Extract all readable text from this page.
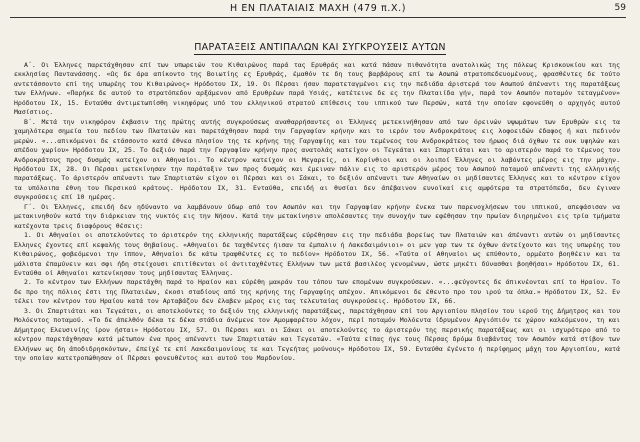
Η ΕΝ ΠΛΑΤΑΙΑΙΣ ΜΑΧΗ (479 π.Χ.)	59
ΠΑΡΑΤΑΞΕΙΣ ΑΝΤΙΠΑΛΩΝ ΚΑΙ ΣΥΓΚΡΟΥΣΕΙΣ ΑΥΤΩΝ

Α΄. Οι Έλληνες παρετάχθησαν επί των υπωρειών του Κιθαιρώνος παρά τας Ερυθράς και κατά πάσαν πιθανότητα ανατολικώς της πόλεως Κρισκουκίου και της εκκλησίας Παντανάσσης. «Ως δε άρα απίκοντο της Βοιωτίης ες Ερυθράς, έμαθόν τε δη τους βαρβάρους επί τω Ασωπώ στρατοπεδευομένους, φρασθέντες δε τούτο αντετάσσοντο επί της υπωρέης του Κιθαιρώνος» Ηρόδοτου IX, 19. Οι Πέρσαι ήσαν παρατεταγμένοι εις την πεδιάδα άριστερά του Ασωπού άπέναντι της παρατάξεως των Ελλήνων. «Παρήκε δε αυτού το στρατόπεδον αρξάμενον από Ερυθρέων παρά Υσιάς, κατέτεινε δε ες την Πλαταιίδα γήν, παρά τον Ασωπόν ποταμόν τεταγμένον» Ηρόδοτου IX, 15. Ενταύθα άντιμετωπίσθη νικηφόρως υπό του ελληνικού στρατού επίθεσις του ιππικού των Περσών, κατά την οποίαν εφονεύθη ο αρχηγός αυτού Μασίστιος.

Β΄. Μετά την νικηφόρον έκβασιν της πρώτης αυτής συγκρούσεως αναθαρρήσαντες οι Έλληνες μετεκινήθησαν από των όρεινών υψωμάτων των Ερυθρών εις τα χαμηλότερα σημεία του πεδίου των Πλαταιών και παρετάχθησαν παρά την Γαργαφίαν κρήνην και το ιερόν του Ανδροκράτους εις λοφοειδών έδαφος ή και πεδινόν μερών. «...απικόμενοι δε ετάσσοντο κατά έθνεα πλησίον της τε κρήνης της Γαργαφίης και του τεμένεος του Ανδροκράτεος του ήρωος διά όχθων τε ουκ υψηλών και απέδου χωρίου» Ηρόδοτου IX, 25. Το δεξιόν παρά την Γαργαφίαν κρήνην προς ανατολάς κατείχον οι Τεγεάται και Σπαρτιάται και το αριστερόν παρά το τέμενος του Ανδροκράτους προς δυσμάς κατείχον οι Αθηναίοι. Το κέντρον κατείχον οι Μεγαρείς, οι Κορίνθιοι και οι λοιποί Έλληνες οι λαβόντες μέρος εις την μάχην. Ηρόδοτου IX, 28. Οι Πέρσαι μετεκίνησαν την παράταξιν των προς δυσμάς και έμειναν πάλιν εις το αριστερόν μέρος του Ασωπού ποταμού απέναντι της ελληνικής παρατάξεως. Το άριστερόν απέναντι των Σπαρτιατών είχον οι Πέρσαι και οι Σάκαι, το δεξιόν απέναντι των Αθηναίων οι μηδίσαντες Έλληνες και το κέντρον είχον τα υπόλοιπα έθνη του Περσικού κράτους. Ηρόδοτου IX, 31. Ενταύθα, επειδή αι θυσίαι δεν άπέβαινον ευνοϊκαί εις αμφότερα τα στρατόπεδα, δεν έγιναν συγκρούσεις επί 10 ημέρας.

Γ΄. Οι Έλληνες, επειδή δεν ηδύναντο να λαμβάνουν ύδωρ από τον Ασωπόν και την Γαργαφίαν κρήνην ένεκα των παρενοχλήσεων του ιππικού, απεφάσισαν να μετακινηθούν κατά την διάρκειαν της νυκτός εις την Νήσον. Κατά την μετακίνησιν απολέσαντες την συνοχήν των εφέθησαν την πρωίαν διηρημένοι εις τρία τμήματα κατέχοντα τρεις διαφόρους θέσεις:

1. Οι Αθηναίοι οι αποτελούντες το άριστερόν της ελληνικής παρατάξεως εύρέθησαν εις την πεδιάδα βορείως των Πλαταιών και άπέναντι αυτών οι μηδίσαντες Έλληνες έχοντες επί κεφαλής τους Θηβαίους. «Αθηναίοι δε ταχθέντες ήισαν τα έμπαλιν ή Λακεδαιμόνιοι» οι μεν γαρ των τε όχθων άντείχοντο και της υπωρέης του Κιθαιρώνος, φοβεόμενοι την ίππον, Αθηναίοι δε κάτω τραφθέντες ες το πεδίον» Ηρόδοτου IX, 56. «Ταύτα οί Αθηναίοι ως επύθοντο, ορμέατο βοηθέειν και τα μάλιστα έπαμύνειν και σφι ήδη στείχουσι επιτίθενται οί άντιταχθέντες Ελλήνων των μετά βασιλέος γενομένων, ώστε μηκέτι δύνασθαι βοηθήσαι» Ηρόδοτου IX, 61. Ενταύθα οί Αθηναίοι κατενίκησαν τους μηδίσαντας Έλληνας.

2. Το κέντρον των Ελλήνων παρετάχθη παρά το Ηραίον και εύρέθη μακράν του τόπου των επομένων συγκρούσεων. «...φεύγοντες δε άπικνέονται επί το Ηραίον. Το δε προ της πόλιος έστι της Πλαταιέων, έκοσι σταδίους από της κρήνης της Γαργαφίης απέχον. Απικόμενοι δε έθεντο προ του ιρού τα όπλα.» Ηρόδοτου IX, 52. Εν τέλει τον κέντρον του Ηραίου κατά τον Αρταβάζου δεν έλαβεν μέρος εις τας τελευταίας συγκρούσεις. Ηρόδοτου IX, 66.

3. Οι Σπαρτιάται και Τεγεάται, οι αποτελούντες το δεξιόν της ελληνικής παρατάξεως, παρετάχθησαν επί του Αργιοπίου πλησίον του ιερού της Δήμητρος και του Μολόεντος ποταμού. «Το δε άπελθόν δέκα τε δέκα στάδια άνέμενε τον Αμομφαρέτου λόχον, περί ποταμόν Μολόεντα ίδρυμένον Αργιόπιόν τε χώρον καλεόμενον, τη και Δήμητρος Ελευσινίης ίρον ήσται» Ηρόδοτου IX, 57. Οι Πέρσαι και οι Σάκαι οι αποτελούντες το άριστερόν της περσικής παρατάξεως και οι ισχυρότερο από το κέντρον παρετάχθησαν κατά μέτωπον ένα προς απέναντι των Σπαρτιατών και Τεγεατών. «Ταύτα είπας ήγε τους Πέρσας δρόμω διαβάντας τον Ασωπόν κατά στίβον των Ελλήνων ως δη άποδιδρησκόντων, έπείχέ τε επί Λακεδαιμονίους τε και Τεγεήτας μούνους» Ηρόδοτου IX, 59. Ενταύθα έγένετο ή περίφημος μάχη του Αργιοπίου, κατά την οποίαν κατετροπώθησαν οί Πέρσαι φονευθέντος και αυτού του Μαρδονίου.
